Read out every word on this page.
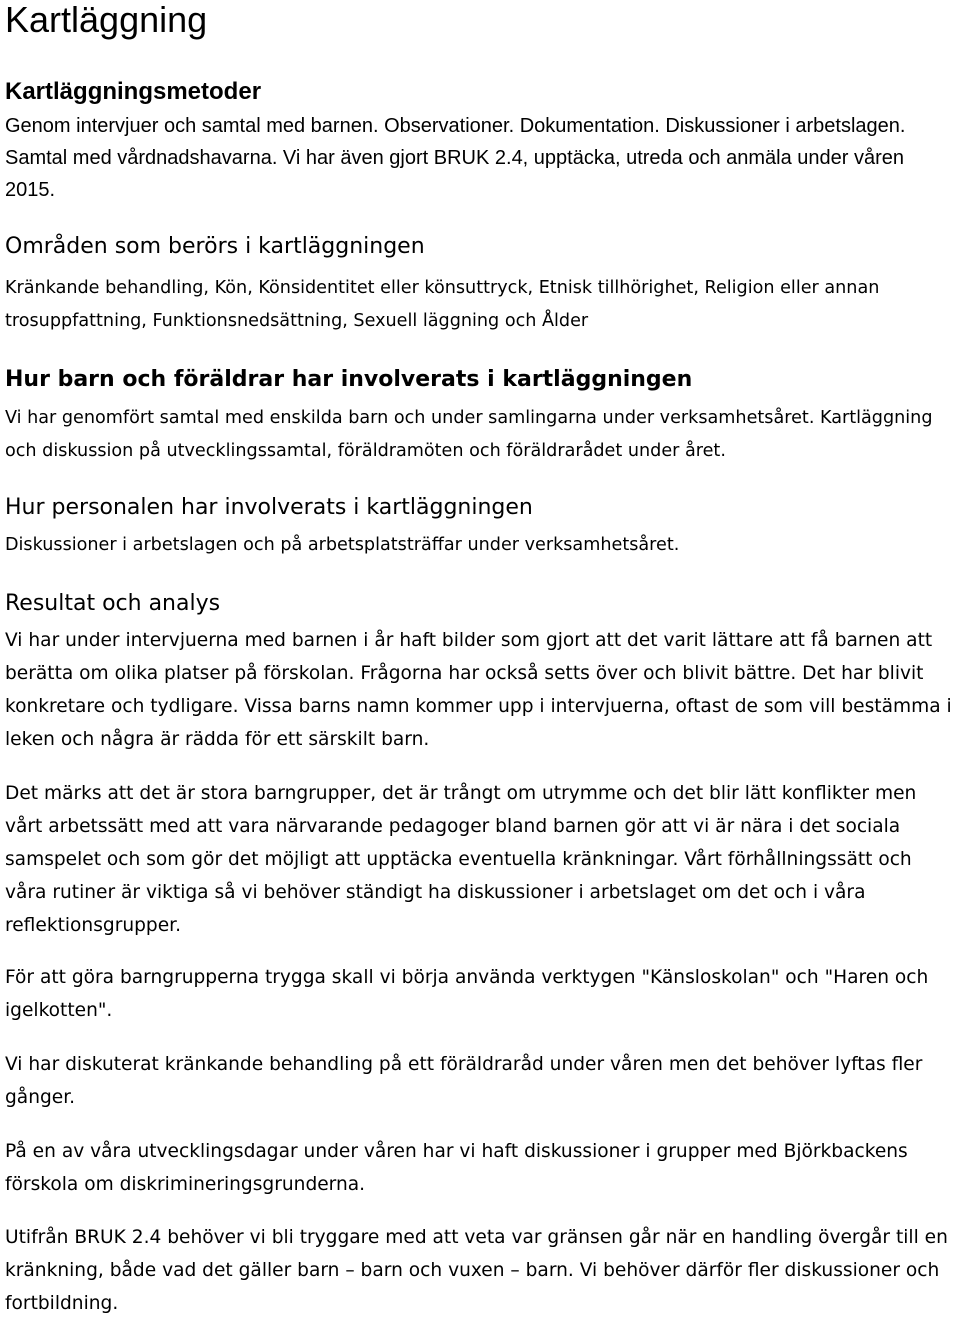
Kartläggning
Kartläggningsmetoder

Genom intervjuer och samtal med barnen. Observationer. Dokumentation. Diskussioner i arbetslagen. Samtal med vårdnadshavarna. Vi har även gjort BRUK 2.4, upptäcka, utreda och anmäla under våren 2015.

Områden som berörs i kartläggningen

Kränkande behandling, Kön, Könsidentitet eller könsuttryck, Etnisk tillhörighet, Religion eller annan trosuppfattning, Funktionsnedsättning, Sexuell läggning och Ålder

Hur barn och föräldrar har involverats i kartläggningen

Vi har genomfört samtal med enskilda barn och under samlingarna under verksamhetsåret. Kartläggning och diskussion på utvecklingssamtal, föräldramöten och föräldrarådet under året.

Hur personalen har involverats i kartläggningen

Diskussioner i arbetslagen och på arbetsplatsträffar under verksamhetsåret.

Resultat och analys

Vi har under intervjuerna med barnen i år haft bilder som gjort att det varit lättare att få barnen att berätta om olika platser på förskolan. Frågorna har också setts över och blivit bättre. Det har blivit konkretare och tydligare. Vissa barns namn kommer upp i intervjuerna, oftast de som vill bestämma i leken och några är rädda för ett särskilt barn.

Det märks att det är stora barngrupper, det är trångt om utrymme och det blir lätt konflikter men vårt arbetssätt med att vara närvarande pedagoger bland barnen gör att vi är nära i det sociala samspelet och som gör det möjligt att upptäcka eventuella kränkningar. Vårt förhållningssätt och våra rutiner är viktiga så vi behöver ständigt ha diskussioner i arbetslaget om det och i våra reflektionsgrupper.

För att göra barngrupperna trygga skall vi börja använda verktygen "Känsloskolan" och "Haren och igelkotten".

Vi har diskuterat kränkande behandling på ett föräldraråd under våren men det behöver lyftas fler gånger.

På en av våra utvecklingsdagar under våren har vi haft diskussioner i grupper med Björkbackens förskola om diskrimineringsgrunderna.

Utifrån BRUK 2.4 behöver vi bli tryggare med att veta var gränsen går när en handling övergår till en kränkning, både vad det gäller barn – barn och vuxen – barn. Vi behöver därför fler diskussioner och fortbildning.
